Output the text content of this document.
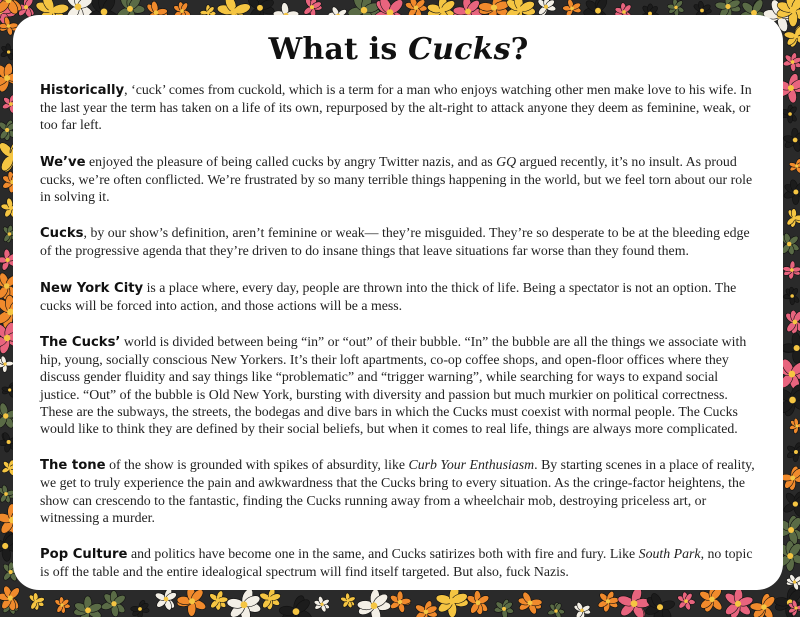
What is Cucks?

Historically, ‘cuck’ comes from cuckold, which is a term for a man who enjoys watching other men make love to his wife. In the last year the term has taken on a life of its own, repurposed by the alt-right to attack anyone they deem as feminine, weak, or too far left.

We’ve enjoyed the pleasure of being called cucks by angry Twitter nazis, and as GQ argued recently, it’s no insult. As proud cucks, we’re often conflicted. We’re frustrated by so many terrible things happening in the world, but we feel torn about our role in solving it.

Cucks, by our show’s definition, aren’t feminine or weak— they’re misguided. They’re so desperate to be at the bleeding edge of the progressive agenda that they’re driven to do insane things that leave situations far worse than they found them.

New York City is a place where, every day, people are thrown into the thick of life. Being a spectator is not an option. The cucks will be forced into action, and those actions will be a mess.

The Cucks’ world is divided between being “in” or “out” of their bubble. “In” the bubble are all the things we associate with hip, young, socially conscious New Yorkers. It’s their loft apartments, co-op coffee shops, and open-floor offices where they discuss gender fluidity and say things like “problematic” and “trigger warning”, while searching for ways to expand social justice. “Out” of the bubble is Old New York, bursting with diversity and passion but much murkier on political correctness. These are the subways, the streets, the bodegas and dive bars in which the Cucks must coexist with normal people. The Cucks would like to think they are defined by their social beliefs, but when it comes to real life, things are always more complicated.

The tone of the show is grounded with spikes of absurdity, like Curb Your Enthusiasm. By starting scenes in a place of reality, we get to truly experience the pain and awkwardness that the Cucks bring to every situation. As the cringe-factor heightens, the show can crescendo to the fantastic, finding the Cucks running away from a wheelchair mob, destroying priceless art, or witnessing a murder.

Pop Culture and politics have become one in the same, and Cucks satirizes both with fire and fury. Like South Park, no topic is off the table and the entire idealogical spectrum will find itself targeted. But also, fuck Nazis.
